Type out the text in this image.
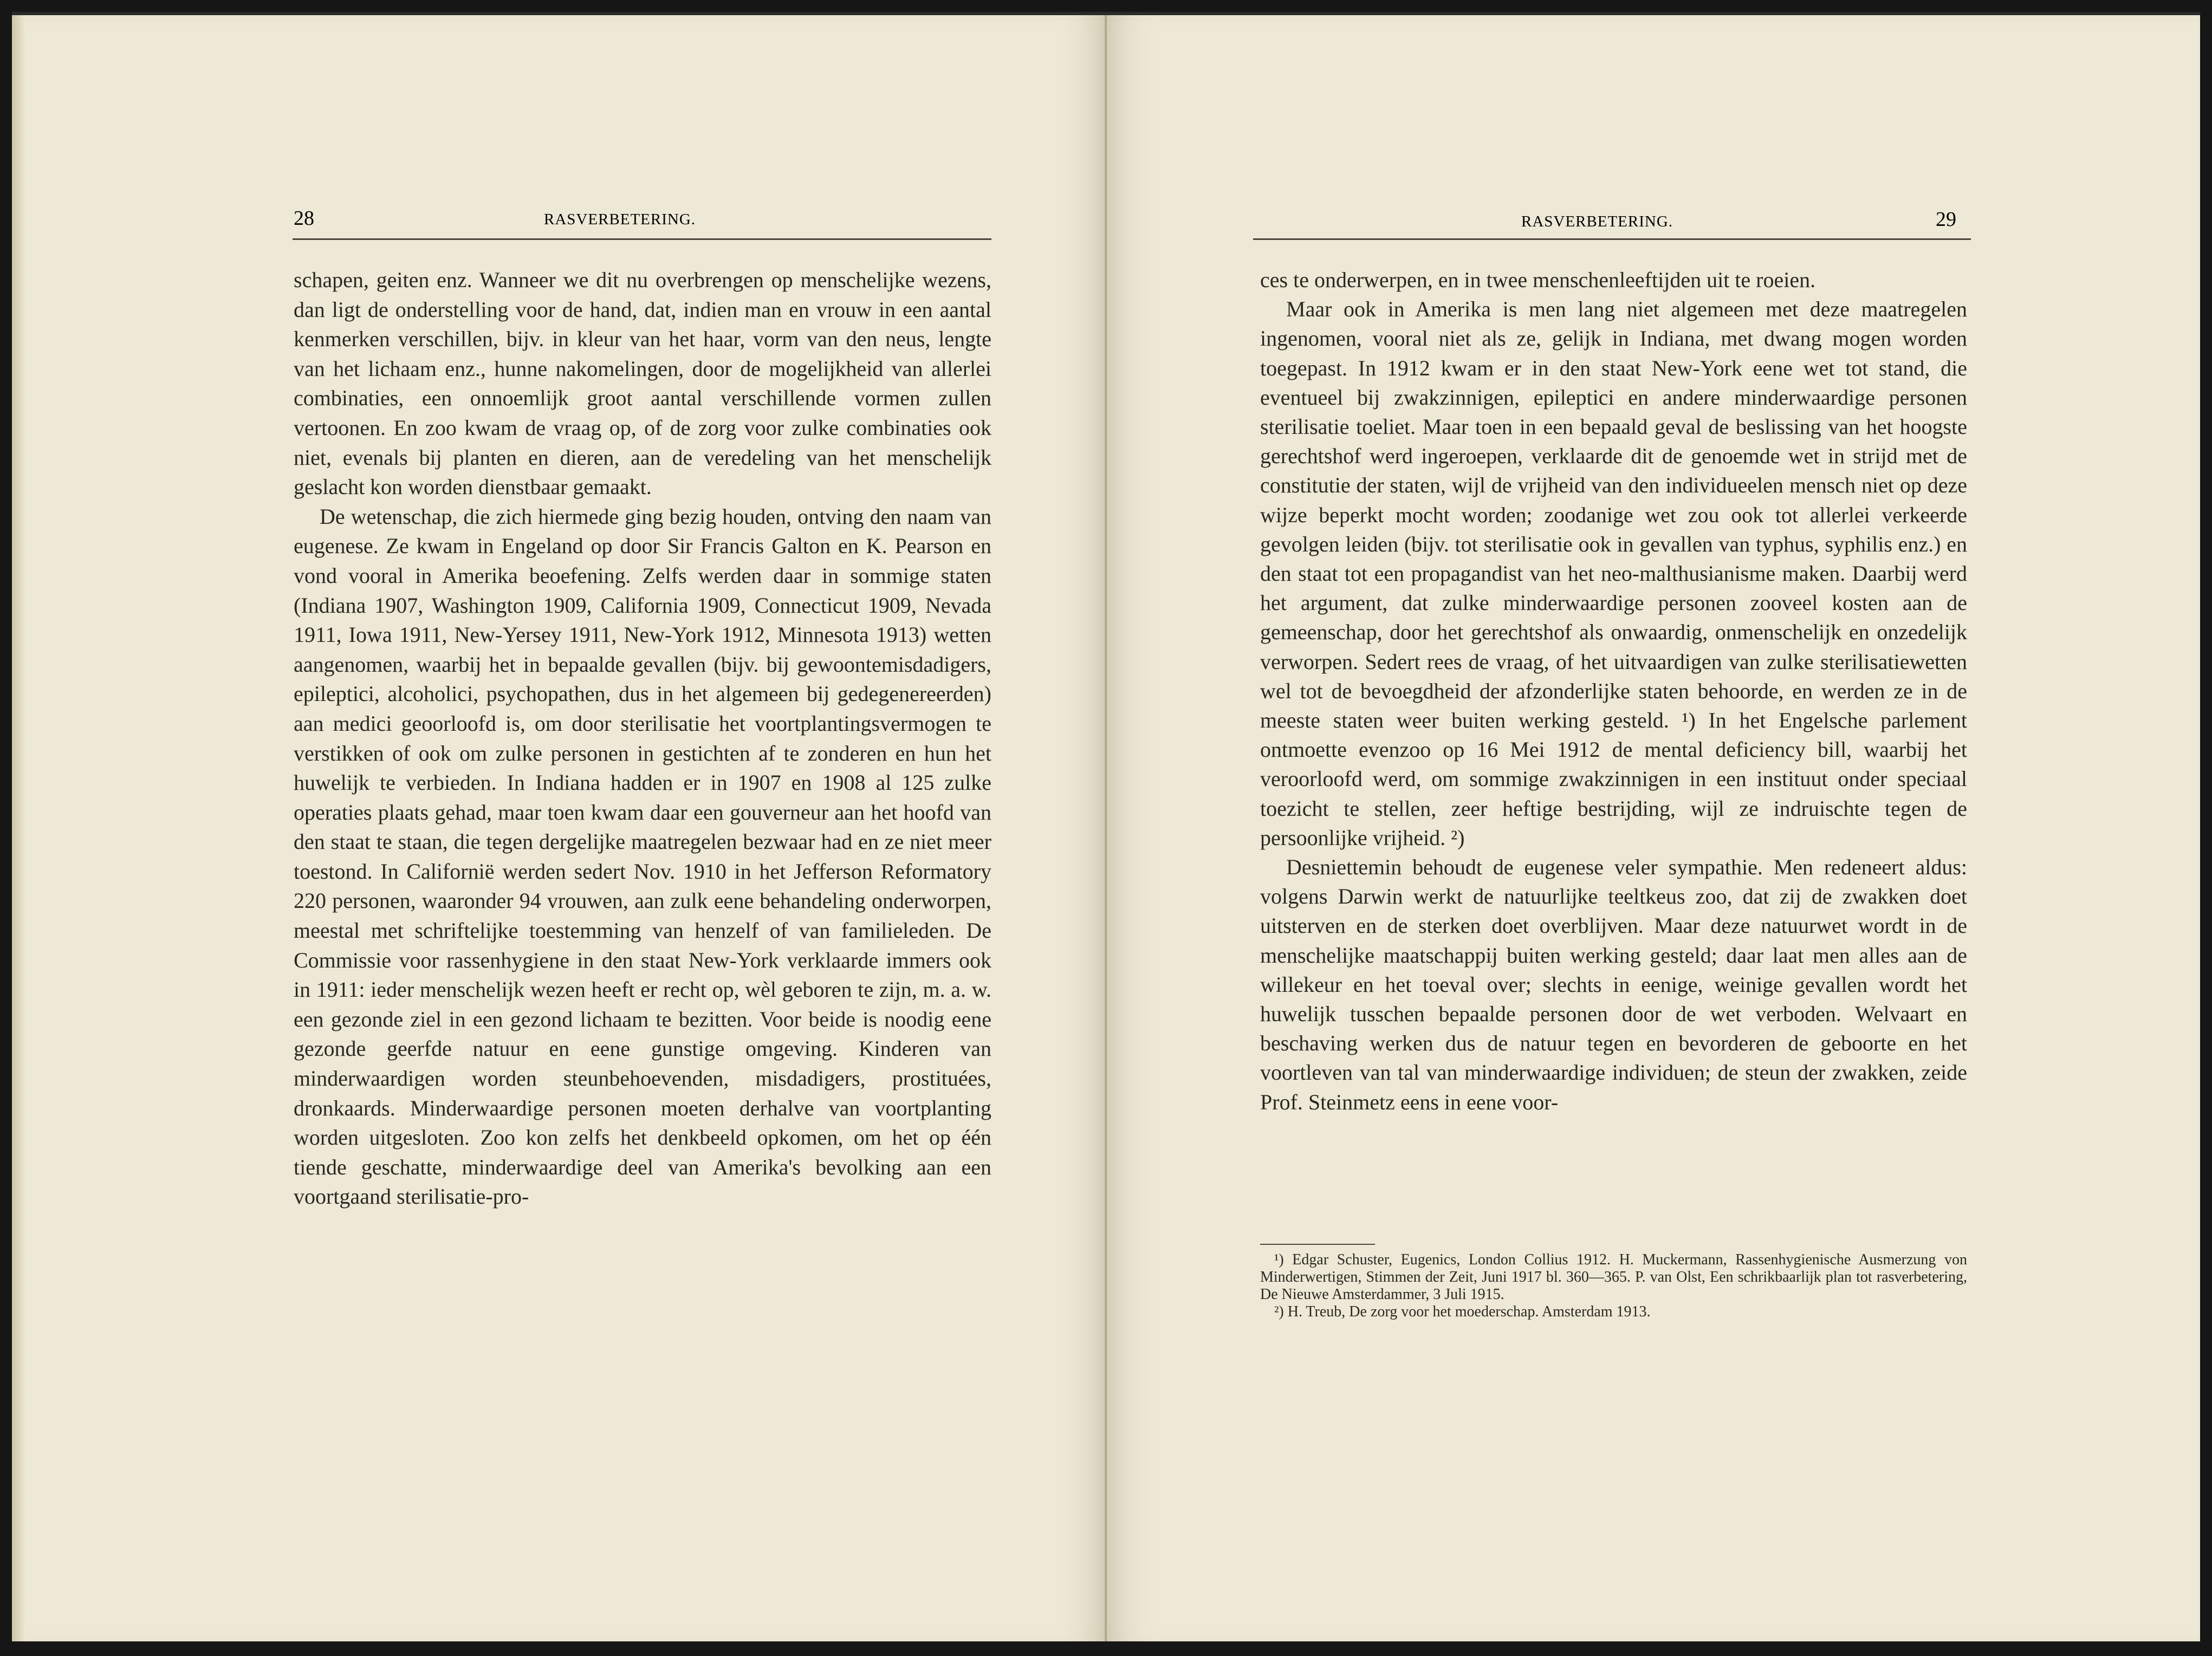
28	RASVERBETERING.

schapen, geiten enz. Wanneer we dit nu overbrengen op menschelijke wezens, dan ligt de onderstelling voor de hand, dat, indien man en vrouw in een aantal kenmerken verschillen, bijv. in kleur van het haar, vorm van den neus, lengte van het lichaam enz., hunne nakomelingen, door de mogelijkheid van allerlei combinaties, een onnoemlijk groot aantal verschillende vormen zullen vertoonen. En zoo kwam de vraag op, of de zorg voor zulke combinaties ook niet, evenals bij planten en dieren, aan de veredeling van het menschelijk geslacht kon worden dienstbaar gemaakt.

De wetenschap, die zich hiermede ging bezig houden, ontving den naam van eugenese. Ze kwam in Engeland op door Sir Francis Galton en K. Pearson en vond vooral in Amerika beoefening. Zelfs werden daar in sommige staten (Indiana 1907, Washington 1909, California 1909, Connecticut 1909, Nevada 1911, Iowa 1911, New-Yersey 1911, New-York 1912, Minnesota 1913) wetten aangenomen, waarbij het in bepaalde gevallen (bijv. bij gewoontemisdadigers, epileptici, alcoholici, psychopathen, dus in het algemeen bij gedegenereerden) aan medici geoorloofd is, om door sterilisatie het voortplantingsvermogen te verstikken of ook om zulke personen in gestichten af te zonderen en hun het huwelijk te verbieden. In Indiana hadden er in 1907 en 1908 al 125 zulke operaties plaats gehad, maar toen kwam daar een gouverneur aan het hoofd van den staat te staan, die tegen dergelijke maatregelen bezwaar had en ze niet meer toestond. In Californië werden sedert Nov. 1910 in het Jefferson Reformatory 220 personen, waaronder 94 vrouwen, aan zulk eene behandeling onderworpen, meestal met schriftelijke toestemming van henzelf of van familieleden. De Commissie voor rassenhygiene in den staat New-York verklaarde immers ook in 1911: ieder menschelijk wezen heeft er recht op, wèl geboren te zijn, m. a. w. een gezonde ziel in een gezond lichaam te bezitten. Voor beide is noodig eene gezonde geerfde natuur en eene gunstige omgeving. Kinderen van minderwaardigen worden steunbehoevenden, misdadigers, prostituées, dronkaards. Minderwaardige personen moeten derhalve van voortplanting worden uitgesloten. Zoo kon zelfs het denkbeeld opkomen, om het op één tiende geschatte, minderwaardige deel van Amerika's bevolking aan een voortgaand sterilisatie-pro-

RASVERBETERING.	29

ces te onderwerpen, en in twee menschenleeftijden uit te roeien.

Maar ook in Amerika is men lang niet algemeen met deze maatregelen ingenomen, vooral niet als ze, gelijk in Indiana, met dwang mogen worden toegepast. In 1912 kwam er in den staat New-York eene wet tot stand, die eventueel bij zwakzinnigen, epileptici en andere minderwaardige personen sterilisatie toeliet. Maar toen in een bepaald geval de beslissing van het hoogste gerechtshof werd ingeroepen, verklaarde dit de genoemde wet in strijd met de constitutie der staten, wijl de vrijheid van den individueelen mensch niet op deze wijze beperkt mocht worden; zoodanige wet zou ook tot allerlei verkeerde gevolgen leiden (bijv. tot sterilisatie ook in gevallen van typhus, syphilis enz.) en den staat tot een propagandist van het neo-malthusianisme maken. Daarbij werd het argument, dat zulke minderwaardige personen zooveel kosten aan de gemeenschap, door het gerechtshof als onwaardig, onmenschelijk en onzedelijk verworpen. Sedert rees de vraag, of het uitvaardigen van zulke sterilisatiewetten wel tot de bevoegdheid der afzonderlijke staten behoorde, en werden ze in de meeste staten weer buiten werking gesteld. ¹) In het Engelsche parlement ontmoette evenzoo op 16 Mei 1912 de mental deficiency bill, waarbij het veroorloofd werd, om sommige zwakzinnigen in een instituut onder speciaal toezicht te stellen, zeer heftige bestrijding, wijl ze indruischte tegen de persoonlijke vrijheid. ²)

Desniettemin behoudt de eugenese veler sympathie. Men redeneert aldus: volgens Darwin werkt de natuurlijke teeltkeus zoo, dat zij de zwakken doet uitsterven en de sterken doet overblijven. Maar deze natuurwet wordt in de menschelijke maatschappij buiten werking gesteld; daar laat men alles aan de willekeur en het toeval over; slechts in eenige, weinige gevallen wordt het huwelijk tusschen bepaalde personen door de wet verboden. Welvaart en beschaving werken dus de natuur tegen en bevorderen de geboorte en het voortleven van tal van minderwaardige individuen; de steun der zwakken, zeide Prof. Steinmetz eens in eene voor-

¹) Edgar Schuster, Eugenics, London Collius 1912. H. Muckermann, Rassenhygienische Ausmerzung von Minderwertigen, Stimmen der Zeit, Juni 1917 bl. 360—365. P. van Olst, Een schrikbaarlijk plan tot rasverbetering, De Nieuwe Amsterdammer, 3 Juli 1915.

²) H. Treub, De zorg voor het moederschap. Amsterdam 1913.
